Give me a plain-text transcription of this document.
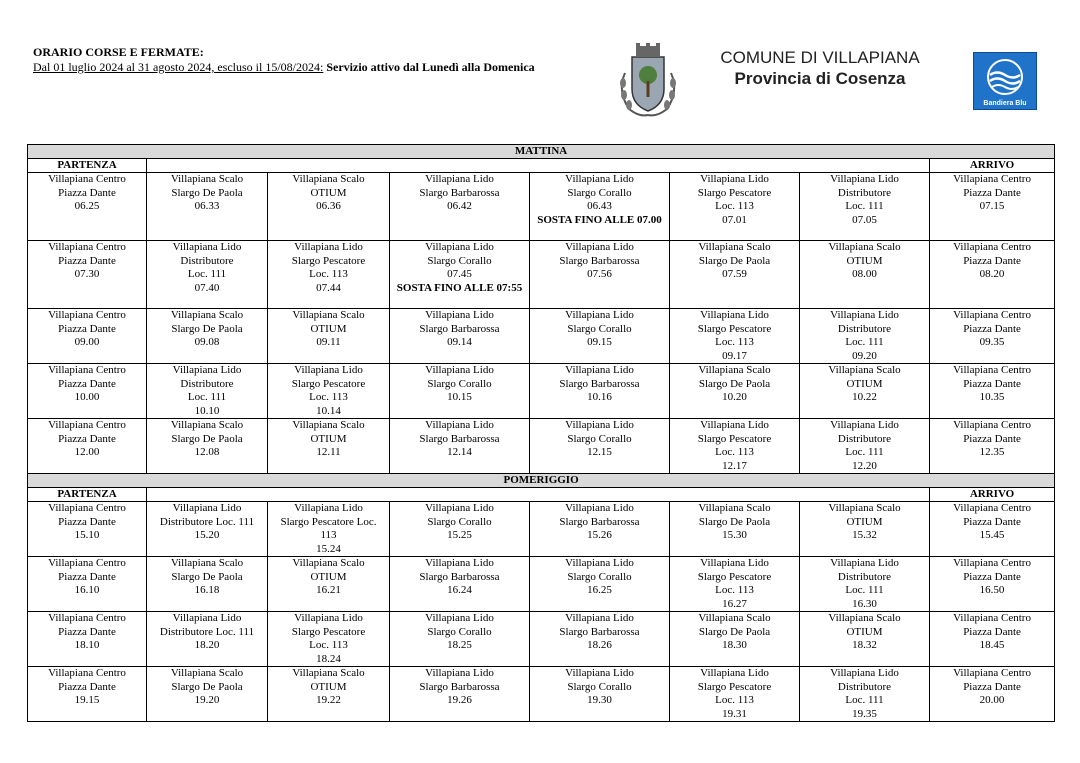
ORARIO CORSE E FERMATE:
Dal 01 luglio 2024 al 31 agosto 2024, escluso il 15/08/2024: Servizio attivo dal Lunedì alla Domenica	COMUNE DI VILLAPIANA
Provincia di Cosenza
Bandiera Blu
MATTINA							
PARTENZA							ARRIVO

Villapiana Centro
Piazza Dante
06.25	Villapiana Scalo
Slargo De Paola
06.33	Villapiana Scalo
OTIUM
06.36	Villapiana Lido
Slargo Barbarossa
06.42	Villapiana Lido
Slargo Corallo
06.43
SOSTA FINO ALLE 07.00	Villapiana Lido
Slargo Pescatore
Loc. 113
07.01	Villapiana Lido
Distributore
Loc. 111
07.05	Villapiana Centro
Piazza Dante
07.15

Villapiana Centro
Piazza Dante
07.30	Villapiana Lido
Distributore
Loc. 111
07.40	Villapiana Lido
Slargo Pescatore
Loc. 113
07.44	Villapiana Lido
Slargo Corallo
07.45
SOSTA FINO ALLE 07:55	Villapiana Lido
Slargo Barbarossa
07.56	Villapiana Scalo
Slargo De Paola
07.59	Villapiana Scalo
OTIUM
08.00	Villapiana Centro
Piazza Dante
08.20

Villapiana Centro
Piazza Dante
09.00	Villapiana Scalo
Slargo De Paola
09.08	Villapiana Scalo
OTIUM
09.11	Villapiana Lido
Slargo Barbarossa
09.14	Villapiana Lido
Slargo Corallo
09.15	Villapiana Lido
Slargo Pescatore
Loc. 113
09.17	Villapiana Lido
Distributore
Loc. 111
09.20	Villapiana Centro
Piazza Dante
09.35

Villapiana Centro
Piazza Dante
10.00	Villapiana Lido
Distributore
Loc. 111
10.10	Villapiana Lido
Slargo Pescatore
Loc. 113
10.14	Villapiana Lido
Slargo Corallo
10.15	Villapiana Lido
Slargo Barbarossa
10.16	Villapiana Scalo
Slargo De Paola
10.20	Villapiana Scalo
OTIUM
10.22	Villapiana Centro
Piazza Dante
10.35

Villapiana Centro
Piazza Dante
12.00	Villapiana Scalo
Slargo De Paola
12.08	Villapiana Scalo
OTIUM
12.11	Villapiana Lido
Slargo Barbarossa
12.14	Villapiana Lido
Slargo Corallo
12.15	Villapiana Lido
Slargo Pescatore
Loc. 113
12.17	Villapiana Lido
Distributore
Loc. 111
12.20	Villapiana Centro
Piazza Dante
12.35

POMERIGGIO							
PARTENZA							ARRIVO

Villapiana Centro
Piazza Dante
15.10	Villapiana Lido
Distributore Loc. 111
15.20	Villapiana Lido
Slargo Pescatore Loc.
113
15.24	Villapiana Lido
Slargo Corallo
15.25	Villapiana Lido
Slargo Barbarossa
15.26	Villapiana Scalo
Slargo De Paola
15.30	Villapiana Scalo
OTIUM
15.32	Villapiana Centro
Piazza Dante
15.45

Villapiana Centro
Piazza Dante
16.10	Villapiana Scalo
Slargo De Paola
16.18	Villapiana Scalo
OTIUM
16.21	Villapiana Lido
Slargo Barbarossa
16.24	Villapiana Lido
Slargo Corallo
16.25	Villapiana Lido
Slargo Pescatore
Loc. 113
16.27	Villapiana Lido
Distributore
Loc. 111
16.30	Villapiana Centro
Piazza Dante
16.50

Villapiana Centro
Piazza Dante
18.10	Villapiana Lido
Distributore Loc. 111
18.20	Villapiana Lido
Slargo Pescatore
Loc. 113
18.24	Villapiana Lido
Slargo Corallo
18.25	Villapiana Lido
Slargo Barbarossa
18.26	Villapiana Scalo
Slargo De Paola
18.30	Villapiana Scalo
OTIUM
18.32	Villapiana Centro
Piazza Dante
18.45

Villapiana Centro
Piazza Dante
19.15	Villapiana Scalo
Slargo De Paola
19.20	Villapiana Scalo
OTIUM
19.22	Villapiana Lido
Slargo Barbarossa
19.26	Villapiana Lido
Slargo Corallo
19.30	Villapiana Lido
Slargo Pescatore
Loc. 113
19.31	Villapiana Lido
Distributore
Loc. 111
19.35	Villapiana Centro
Piazza Dante
20.00
